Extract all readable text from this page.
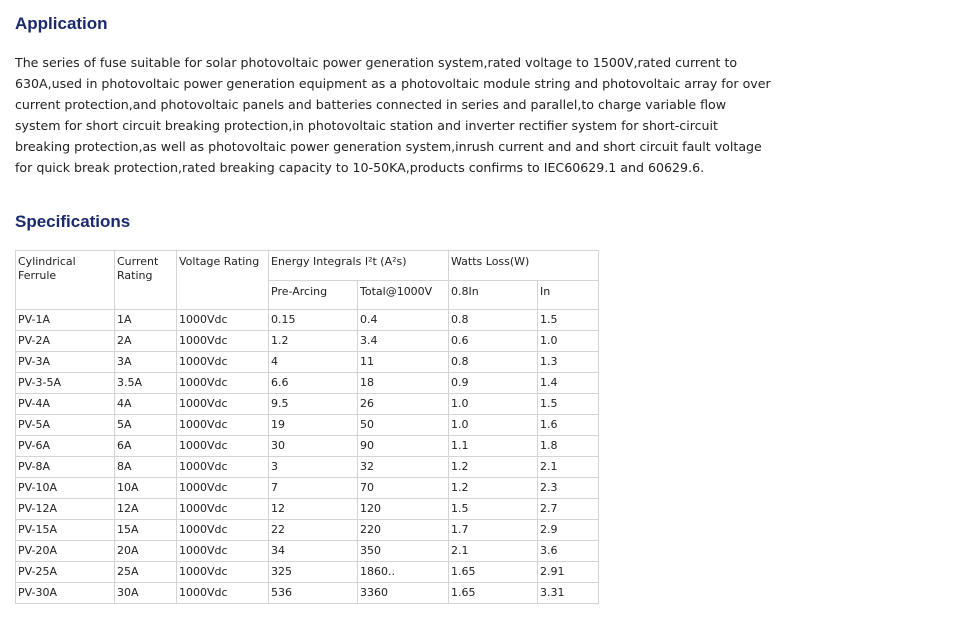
Application

The series of fuse suitable for solar photovoltaic power generation system,rated voltage to 1500V,rated current to 630A,used in photovoltaic power generation equipment as a photovoltaic module string and photovoltaic array for over current protection,and photovoltaic panels and batteries connected in series and parallel,to charge variable flow system for short circuit breaking protection,in photovoltaic station and inverter rectifier system for short-circuit breaking protection,as well as photovoltaic power generation system,inrush current and and short circuit fault voltage for quick break protection,rated breaking capacity to 10-50KA,products confirms to IEC60629.1 and 60629.6.

Specifications
Cylindrical Ferrule	Current Rating	Voltage Rating	Energy Integrals I²t (A²s)		Watts Loss(W)	
			Pre-Arcing	Total@1000V	0.8In	In
PV-1A	1A	1000Vdc	0.15	0.4	0.8	1.5
PV-2A	2A	1000Vdc	1.2	3.4	0.6	1.0
PV-3A	3A	1000Vdc	4	11	0.8	1.3
PV-3-5A	3.5A	1000Vdc	6.6	18	0.9	1.4
PV-4A	4A	1000Vdc	9.5	26	1.0	1.5
PV-5A	5A	1000Vdc	19	50	1.0	1.6
PV-6A	6A	1000Vdc	30	90	1.1	1.8
PV-8A	8A	1000Vdc	3	32	1.2	2.1
PV-10A	10A	1000Vdc	7	70	1.2	2.3
PV-12A	12A	1000Vdc	12	120	1.5	2.7
PV-15A	15A	1000Vdc	22	220	1.7	2.9
PV-20A	20A	1000Vdc	34	350	2.1	3.6
PV-25A	25A	1000Vdc	325	1860..	1.65	2.91
PV-30A	30A	1000Vdc	536	3360	1.65	3.31
